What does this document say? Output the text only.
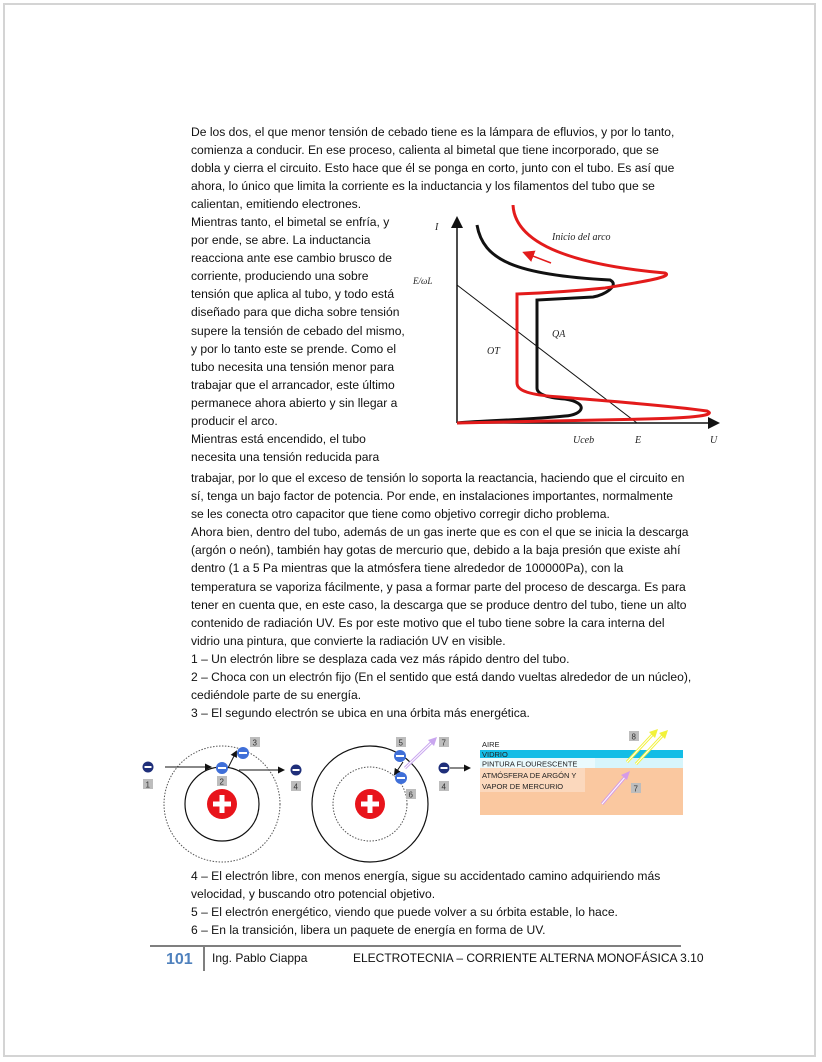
De los dos, el que menor tensión de cebado tiene es la lámpara de efluvios, y por lo tanto,
comienza a conducir. En ese proceso, calienta al bimetal que tiene incorporado, que se
dobla y cierra el circuito. Esto hace que él se ponga en corto, junto con el tubo. Es así que
ahora, lo único que limita la corriente es la inductancia y los filamentos del tubo que se
calientan, emitiendo electrones.
Mientras tanto, el bimetal se enfría, y
por ende, se abre. La inductancia
reacciona ante ese cambio brusco de
corriente, produciendo una sobre
tensión que aplica al tubo, y todo está
diseñado para que dicha sobre tensión
supere la tensión de cebado del mismo,
y por lo tanto este se prende. Como el
tubo necesita una tensión menor para
trabajar que el arrancador, este último
permanece ahora abierto y sin llegar a
producir el arco.
Mientras está encendido, el tubo
necesita una tensión reducida para
I
E/ωL
Inicio del arco
OT
QA
Uceb	E	U
trabajar, por lo que el exceso de tensión lo soporta la reactancia, haciendo que el circuito en
sí, tenga un bajo factor de potencia. Por ende, en instalaciones importantes, normalmente
se les conecta otro capacitor que tiene como objetivo corregir dicho problema.
Ahora bien, dentro del tubo, además de un gas inerte que es con el que se inicia la descarga
(argón o neón), también hay gotas de mercurio que, debido a la baja presión que existe ahí
dentro (1 a 5 Pa mientras que la atmósfera tiene alrededor de 100000Pa), con la
temperatura se vaporiza fácilmente, y pasa a formar parte del proceso de descarga. Es para
tener en cuenta que, en este caso, la descarga que se produce dentro del tubo, tiene un alto
contenido de radiación UV. Es por este motivo que el tubo tiene sobre la cara interna del
vidrio una pintura, que convierte la radiación UV en visible.
1 – Un electrón libre se desplaza cada vez más rápido dentro del tubo.
2 – Choca con un electrón fijo (En el sentido que está dando vueltas alrededor de un núcleo),
cediéndole parte de su energía.
3 – El segundo electrón se ubica en una órbita más energética.
1	2
3
4
5
6
7
4
AIRE
VIDRIO
PINTURA FLOURESCENTE
ATMÓSFERA DE ARGÓN Y
VAPOR DE MERCURIO
8
7
4 – El electrón libre, con menos energía, sigue su accidentado camino adquiriendo más
velocidad, y buscando otro potencial objetivo.
5 – El electrón energético, viendo que puede volver a su órbita estable, lo hace.
6 – En la transición, libera un paquete de energía en forma de UV.
101 Ing. Pablo Ciappa	ELECTROTECNIA – CORRIENTE ALTERNA MONOFÁSICA 3.10
